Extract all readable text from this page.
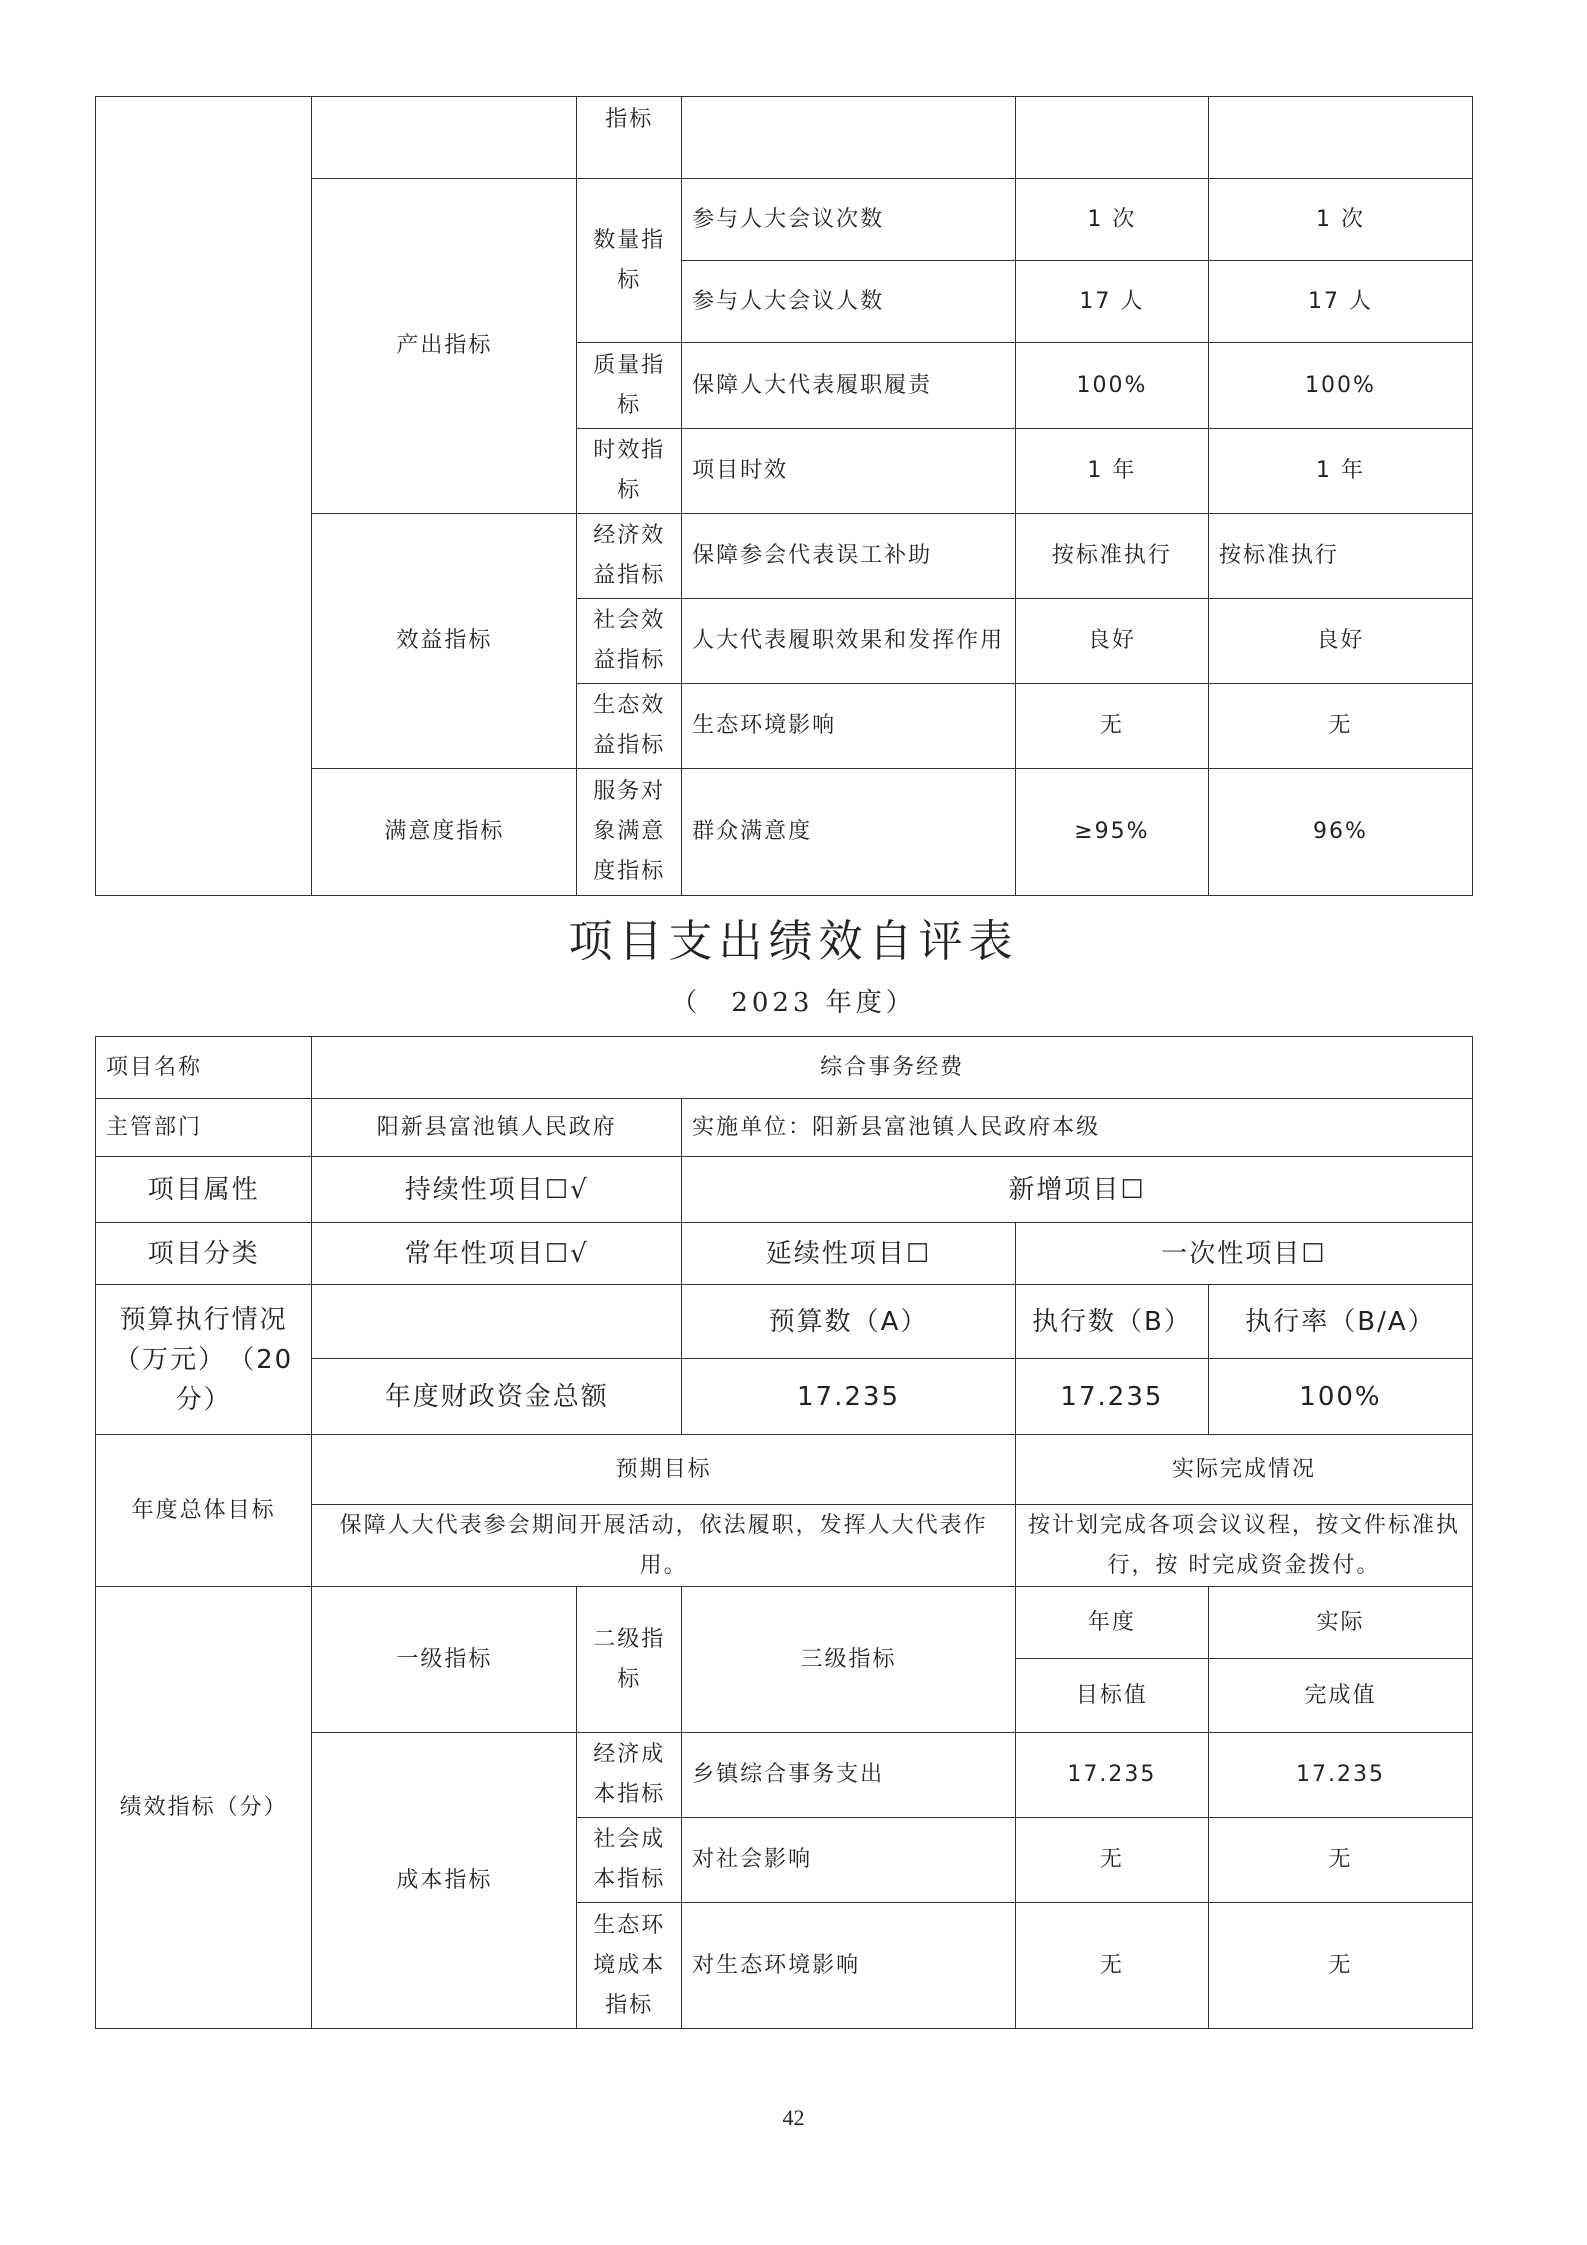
		指标			
	产出指标	数量指标	参与人大会议次数	1 次	1 次
			参与人大会议人数	17 人	17 人
		质量指标	保障人大代表履职履责	100%	100%
		时效指标	项目时效	1 年	1 年
	效益指标	经济效益指标	保障参会代表误工补助	按标准执行	按标准执行
		社会效益指标	人大代表履职效果和发挥作用	良好	良好
		生态效益指标	生态环境影响	无	无
	满意度指标	服务对象满意度指标	群众满意度	≥95%	96%
项目支出绩效自评表
（　2023 年度）
项目名称	综合事务经费				
主管部门	阳新县富池镇人民政府		实施单位：阳新县富池镇人民政府本级		
项目属性	持续性项目☐√		新增项目☐		
项目分类	常年性项目☐√		延续性项目☐	一次性项目☐	
预算执行情况（万元）　（20 分）			预算数（A）	执行数（B）	执行率（B/A）
	年度财政资金总额		17.235	17.235	100%
年度总体目标	预期目标			实际完成情况	
	保障人大代表参会期间开展活动，依法履职，发挥人大代表作用。			按计划完成各项会议议程，按文件标准执行，按 时完成资金拨付。	
绩效指标（分）	一级指标	二级指标	三级指标	年度	实际
				目标值	完成值
	成本指标	经济成本指标	乡镇综合事务支出	17.235	17.235
		社会成本指标	对社会影响	无	无
		生态环境成本指标	对生态环境影响	无	无
42
